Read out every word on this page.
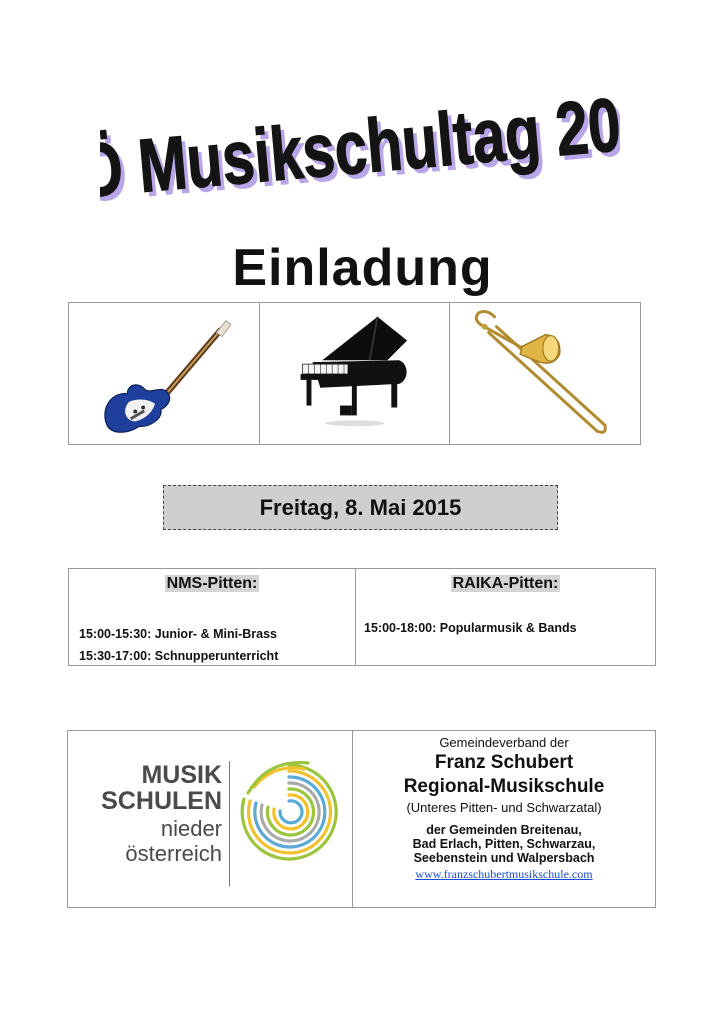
NÖ Musikschultag 2015
NÖ Musikschultag 2015
Einladung
Freitag, 8. Mai 2015
NMS-Pitten:
15:00-15:30: Junior- & Mini-Brass
15:30-17:00: Schnupperunterricht
RAIKA-Pitten:
15:00-18:00: Popularmusik & Bands
MUSIK
SCHULEN
nieder
österreich
Gemeindeverband der
Franz Schubert
Regional-Musikschule
(Unteres Pitten- und Schwarzatal)
der Gemeinden Breitenau,
Bad Erlach, Pitten, Schwarzau,
Seebenstein und Walpersbach
www.franzschubertmusikschule.com
